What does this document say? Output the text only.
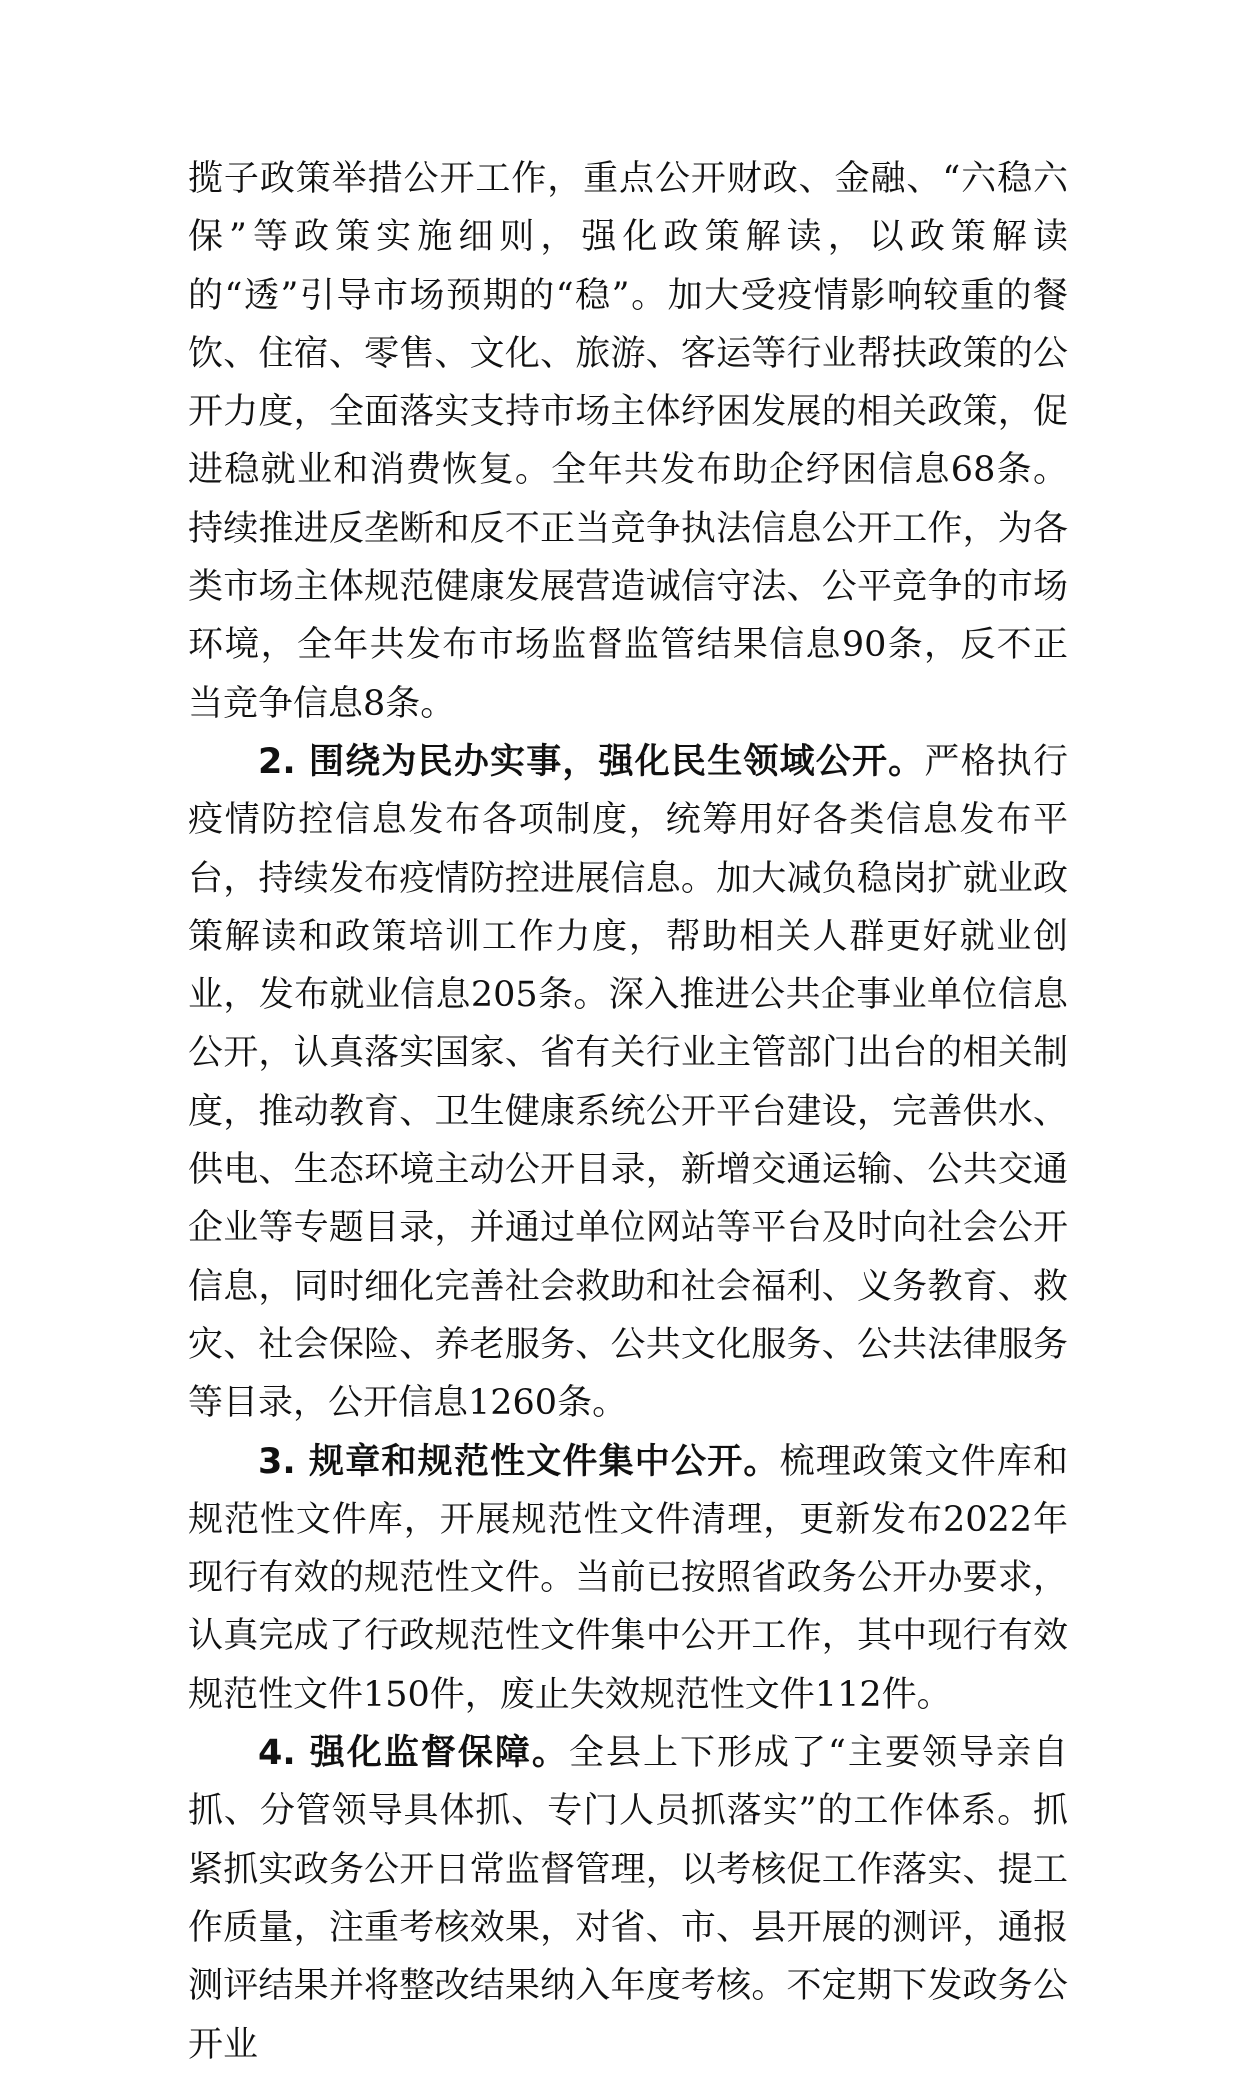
揽子政策举措公开工作，重点公开财政、金融、“六稳六保”等政策实施细则，强化政策解读，以政策解读的“透”引导市场预期的“稳”。加大受疫情影响较重的餐饮、住宿、零售、文化、旅游、客运等行业帮扶政策的公开力度，全面落实支持市场主体纾困发展的相关政策，促进稳就业和消费恢复。全年共发布助企纾困信息68条。持续推进反垄断和反不正当竞争执法信息公开工作，为各类市场主体规范健康发展营造诚信守法、公平竞争的市场环境，全年共发布市场监督监管结果信息90条，反不正当竞争信息8条。

2. 围绕为民办实事，强化民生领域公开。严格执行疫情防控信息发布各项制度，统筹用好各类信息发布平台，持续发布疫情防控进展信息。加大减负稳岗扩就业政策解读和政策培训工作力度，帮助相关人群更好就业创业，发布就业信息205条。深入推进公共企事业单位信息公开，认真落实国家、省有关行业主管部门出台的相关制度，推动教育、卫生健康系统公开平台建设，完善供水、供电、生态环境主动公开目录，新增交通运输、公共交通企业等专题目录，并通过单位网站等平台及时向社会公开信息，同时细化完善社会救助和社会福利、义务教育、救灾、社会保险、养老服务、公共文化服务、公共法律服务等目录，公开信息1260条。

3. 规章和规范性文件集中公开。梳理政策文件库和规范性文件库，开展规范性文件清理，更新发布2022年现行有效的规范性文件。当前已按照省政务公开办要求，认真完成了行政规范性文件集中公开工作，其中现行有效规范性文件150件，废止失效规范性文件112件。

4. 强化监督保障。全县上下形成了“主要领导亲自抓、分管领导具体抓、专门人员抓落实”的工作体系。抓紧抓实政务公开日常监督管理，以考核促工作落实、提工作质量，注重考核效果，对省、市、县开展的测评，通报测评结果并将整改结果纳入年度考核。不定期下发政务公开业
